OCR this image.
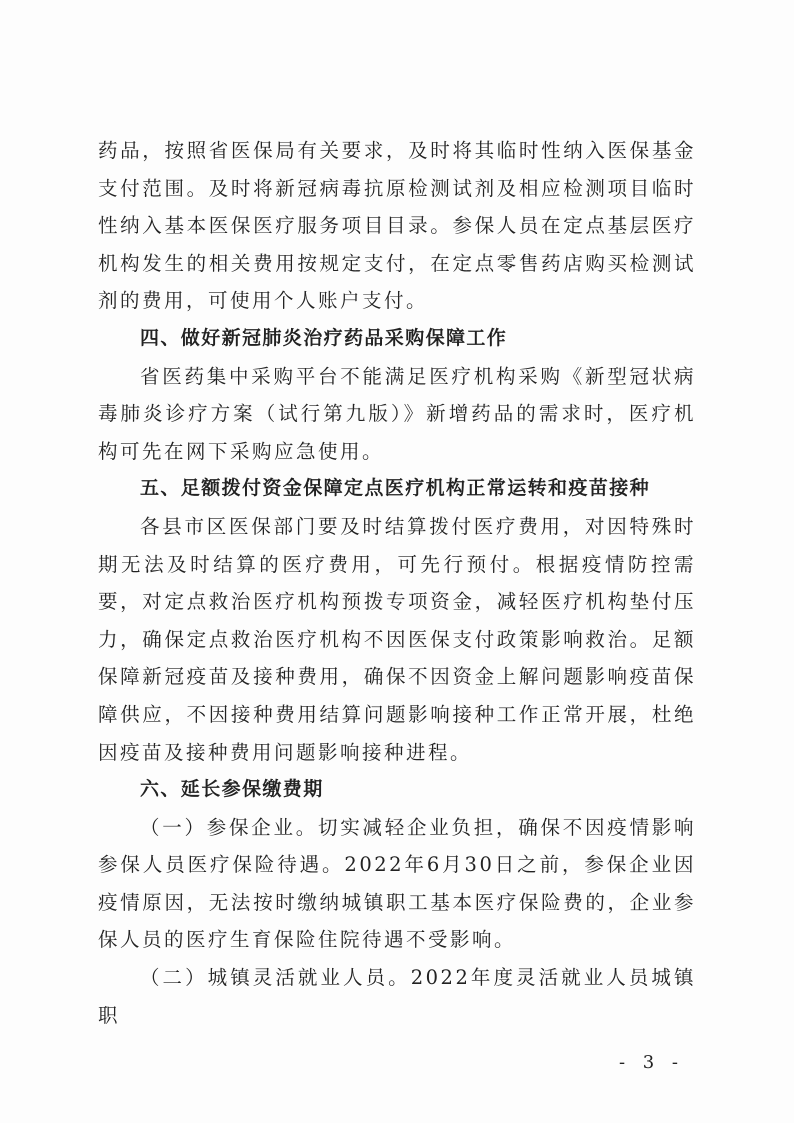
药品，按照省医保局有关要求，及时将其临时性纳入医保基金支付范围。及时将新冠病毒抗原检测试剂及相应检测项目临时性纳入基本医保医疗服务项目目录。参保人员在定点基层医疗机构发生的相关费用按规定支付，在定点零售药店购买检测试剂的费用，可使用个人账户支付。

四、做好新冠肺炎治疗药品采购保障工作

省医药集中采购平台不能满足医疗机构采购《新型冠状病毒肺炎诊疗方案（试行第九版）》新增药品的需求时，医疗机构可先在网下采购应急使用。

五、足额拨付资金保障定点医疗机构正常运转和疫苗接种

各县市区医保部门要及时结算拨付医疗费用，对因特殊时期无法及时结算的医疗费用，可先行预付。根据疫情防控需要，对定点救治医疗机构预拨专项资金，减轻医疗机构垫付压力，确保定点救治医疗机构不因医保支付政策影响救治。足额保障新冠疫苗及接种费用，确保不因资金上解问题影响疫苗保障供应，不因接种费用结算问题影响接种工作正常开展，杜绝因疫苗及接种费用问题影响接种进程。

六、延长参保缴费期

（一）参保企业。切实减轻企业负担，确保不因疫情影响参保人员医疗保险待遇。2022年6月30日之前，参保企业因疫情原因，无法按时缴纳城镇职工基本医疗保险费的，企业参保人员的医疗生育保险住院待遇不受影响。

（二）城镇灵活就业人员。2022年度灵活就业人员城镇职

- 3 -
